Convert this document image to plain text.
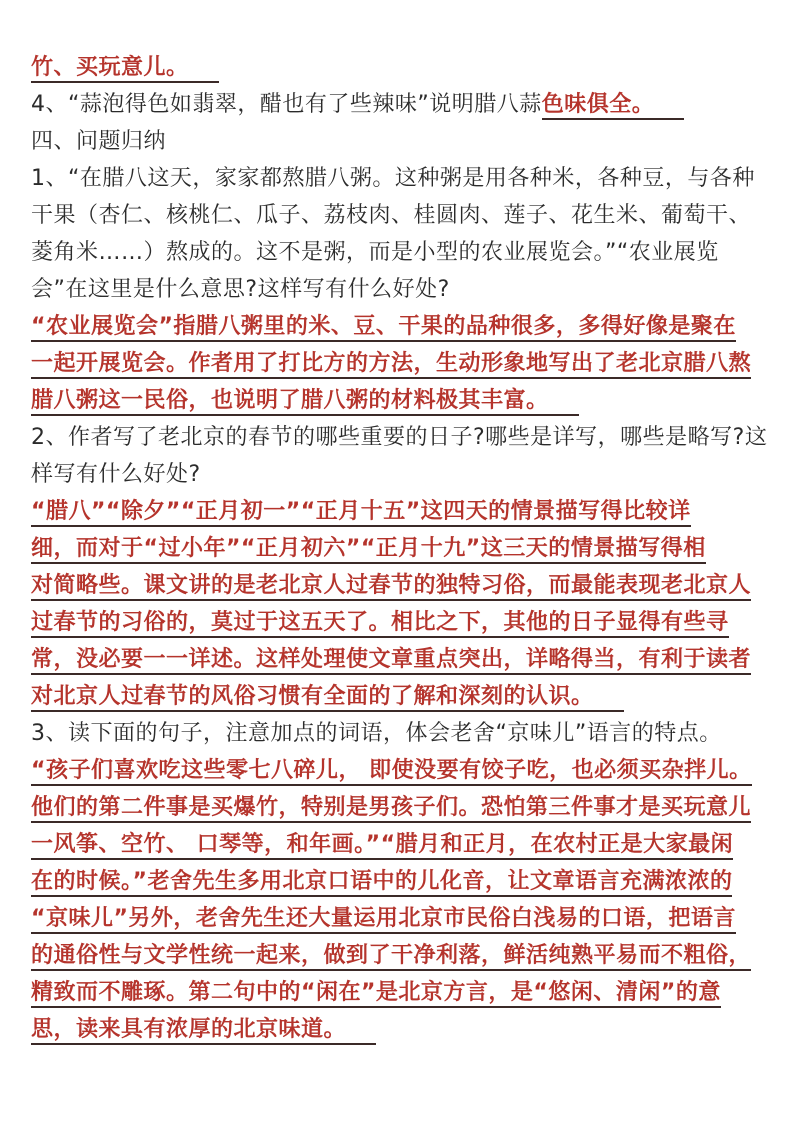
竹、买玩意儿。
4、“蒜泡得色如翡翠，醋也有了些辣味”说明腊八蒜色味俱全。
四、问题归纳
1、“在腊八这天，家家都熬腊八粥。这种粥是用各种米，各种豆，与各种
干果（杏仁、核桃仁、瓜子、荔枝肉、桂圆肉、莲子、花生米、葡萄干、
菱角米……）熬成的。这不是粥，而是小型的农业展览会。”“农业展览
会”在这里是什么意思?这样写有什么好处?
“农业展览会”指腊八粥里的米、豆、干果的品种很多，多得好像是聚在
一起开展览会。作者用了打比方的方法，生动形象地写出了老北京腊八熬
腊八粥这一民俗，也说明了腊八粥的材料极其丰富。
2、作者写了老北京的春节的哪些重要的日子?哪些是详写，哪些是略写?这
样写有什么好处?
“腊八”“除夕”“正月初一”“正月十五”这四天的情景描写得比较详
细，而对于“过小年”“正月初六”“正月十九”这三天的情景描写得相
对简略些。课文讲的是老北京人过春节的独特习俗，而最能表现老北京人
过春节的习俗的，莫过于这五天了。相比之下，其他的日子显得有些寻
常，没必要一一详述。这样处理使文章重点突出，详略得当，有利于读者
对北京人过春节的风俗习惯有全面的了解和深刻的认识。
3、读下面的句子，注意加点的词语，体会老舍“京味儿”语言的特点。
“孩子们喜欢吃这些零七八碎儿， 即使没要有饺子吃，也必须买杂拌儿。
他们的第二件事是买爆竹，特别是男孩子们。恐怕第三件事才是买玩意儿
一风筝、空竹、 口琴等，和年画。”“腊月和正月，在农村正是大家最闲
在的时候。”老舍先生多用北京口语中的儿化音，让文章语言充满浓浓的
“京味儿”另外，老舍先生还大量运用北京市民俗白浅易的口语，把语言
的通俗性与文学性统一起来，做到了干净利落，鲜活纯熟平易而不粗俗，
精致而不雕琢。第二句中的“闲在”是北京方言，是“悠闲、清闲”的意
思，读来具有浓厚的北京味道。
